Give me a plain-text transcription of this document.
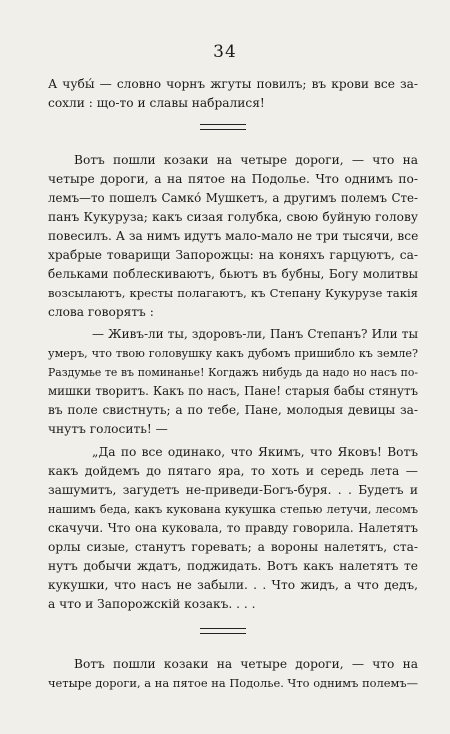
34
А чубы́ — словно чорнъ жгуты повилъ; въ крови все за-
сохли : що-то и славы набралися!
Вотъ пошли козаки на четыре дороги, — что на
четыре дороги, а на пятое на Подолье. Что однимъ по-
лемъ—то пошелъ Самко́ Мушкетъ, а другимъ полемъ Сте-
панъ Кукуруза; какъ сизая голубка, свою буйную голову
повесилъ. А за нимъ идутъ мало-мало не три тысячи, все
храбрые товарищи Запорожцы: на коняхъ гарцуютъ, са-
бельками поблескиваютъ, бьютъ въ бубны, Богу молитвы
возсылаютъ, кресты полагаютъ, къ Степану Кукурузе такія
слова говорятъ :
— Живъ-ли ты, здоровъ-ли, Панъ Степанъ? Или ты
умеръ, что твою головушку какъ дубомъ пришибло къ земле?
Раздумье те въ поминанье! Когдажъ нибудь да надо но насъ по-
мишки творитъ. Какъ по насъ, Пане! старыя бабы стянутъ
въ поле свистнуть; а по тебе, Пане, молодыя девицы за-
чнутъ голосить! —
„Да по все одинако, что Якимъ, что Яковъ! Вотъ
какъ дойдемъ до пятаго яра, то хоть и середь лета —
зашумитъ, загудетъ не-приведи-Богъ-буря. . . Будетъ и
нашимъ беда, какъ кукована кукушка степью летучи, лесомъ
скачучи. Что она куковала, то правду говорила. Налетятъ
орлы сизые, станутъ горевать; а вороны налетятъ, ста-
нутъ добычи ждатъ, поджидать. Вотъ какъ налетятъ те
кукушки, что насъ не забыли. . . Что жидъ, а что дедъ,
а что и Запорожскій козакъ. . . .
Вотъ пошли козаки на четыре дороги, — что на
четыре дороги, а на пятое на Подолье. Что однимъ полемъ—
